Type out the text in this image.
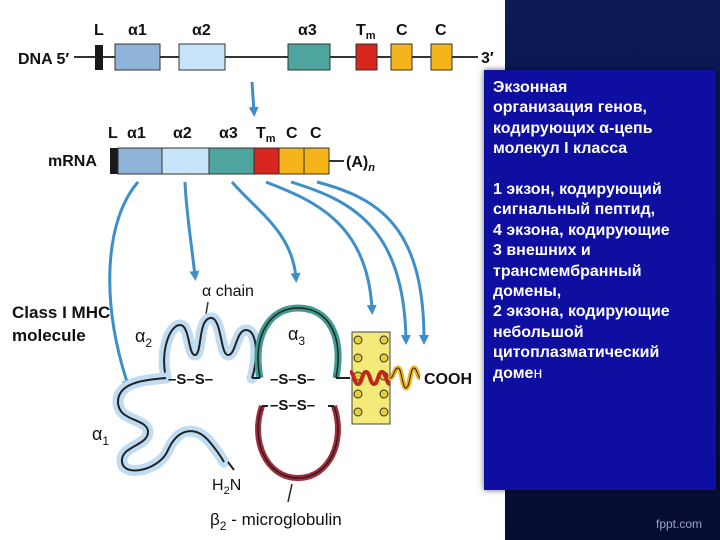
DNA 5′	3′
L α1	α2	α3 $T_m$ C C
mRNA	$(A)_n$
L α1 α2 α3 $T_m$ C C
Class I MHC
molecule
α chain
$\alpha_2$
$\alpha_1$
–S–S–
$\alpha_3$
–S–S–	COOH
–S–S–
$H_2N$
$\beta_2$ - microglobulin
Экзонная
организация генов,
кодирующих α-цепь
молекул I класса
1 экзон, кодирующий
сигнальный пептид,
4 экзона, кодирующие
3 внешних и
трансмембранный
домены,
2 экзона, кодирующие
небольшой
цитоплазматический
домен
fppt.com
